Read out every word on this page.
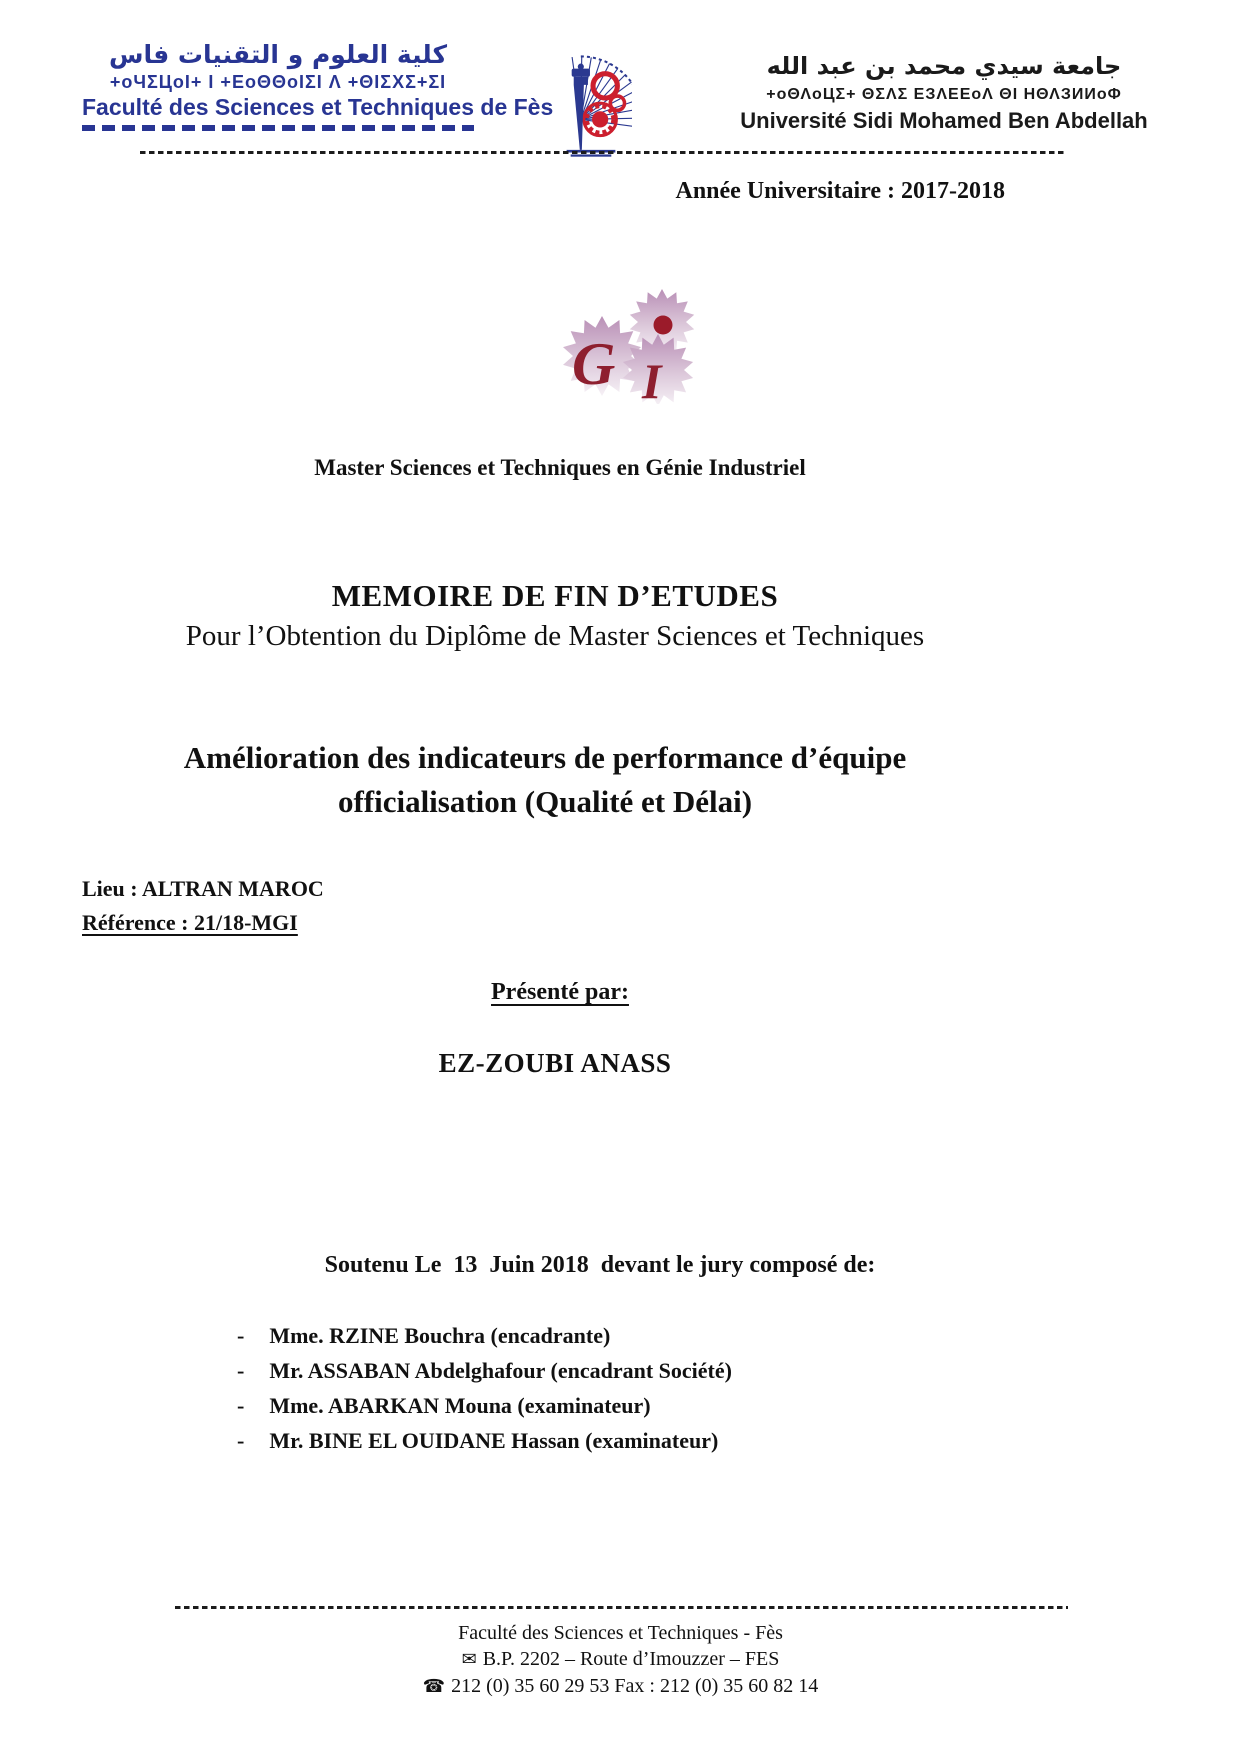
كلية العلوم و التقنيات فاس
+oЧΣЦoI+ I +ЕoΘΘoIΣI Λ +ΘIΣΧΣ+ΣI
Faculté des Sciences et Techniques de Fès
جامعة سيدي محمد بن عبد الله
+oΘΛoЦΣ+ ΘΣΛΣ ЕЗΛЕЕoΛ ΘI ΗΘΛЗИИoΦ
Université Sidi Mohamed Ben Abdellah
Année Universitaire : 2017-2018
G I
Master Sciences et Techniques en Génie Industriel
MEMOIRE DE FIN D’ETUDES
Pour l’Obtention du Diplôme de Master Sciences et Techniques
Amélioration des indicateurs de performance d’équipe
officialisation (Qualité et Délai)
Lieu : ALTRAN MAROC
Référence : 21/18-MGI
Présenté par:
EZ-ZOUBI ANASS
Soutenu Le  13  Juin 2018  devant le jury composé de:
- Mme. RZINE Bouchra (encadrante)
- Mr. ASSABAN Abdelghafour (encadrant Société)
- Mme. ABARKAN Mouna (examinateur)
- Mr. BINE EL OUIDANE Hassan (examinateur)
Faculté des Sciences et Techniques - Fès
✉ B.P. 2202 – Route d’Imouzzer – FES
☎ 212 (0) 35 60 29 53 Fax : 212 (0) 35 60 82 14
